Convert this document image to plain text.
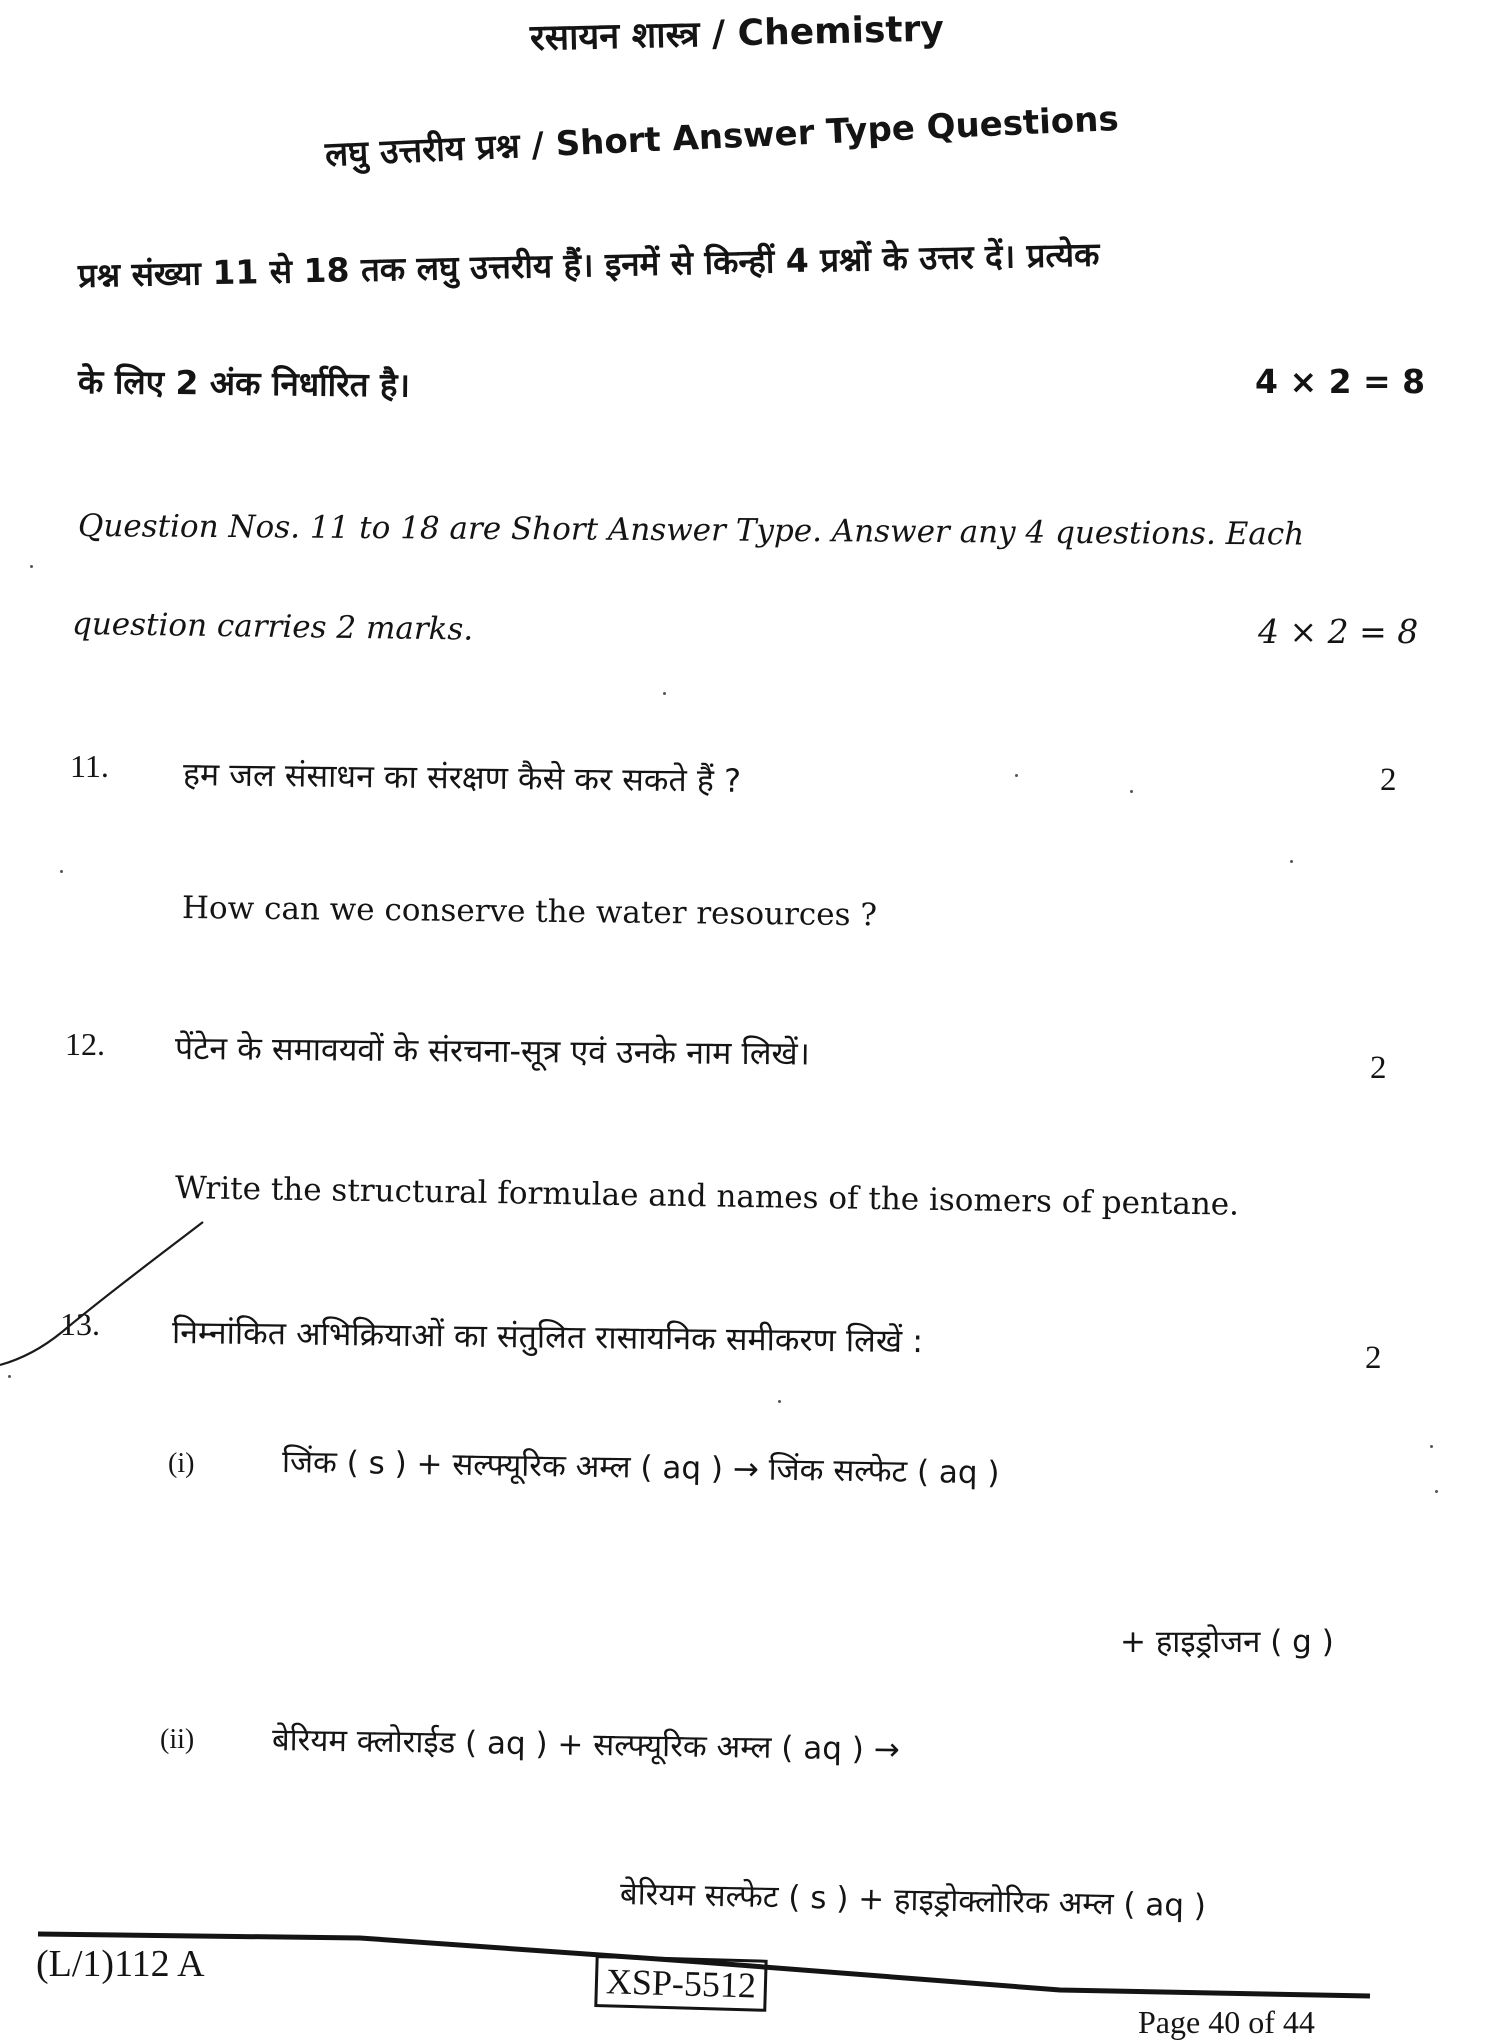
रसायन शास्त्र / Chemistry
लघु उत्तरीय प्रश्न / Short Answer Type Questions
प्रश्न संख्या 11 से 18 तक लघु उत्तरीय हैं। इनमें से किन्हीं 4 प्रश्नों के उत्तर दें। प्रत्येक
के लिए 2 अंक निर्धारित है।	4 × 2 = 8
Question Nos. 11 to 18 are Short Answer Type. Answer any 4 questions. Each
question carries 2 marks.	4 × 2 = 8
11. हम जल संसाधन का संरक्षण कैसे कर सकते हैं ?	2
How can we conserve the water resources ?
12. पेंटेन के समावयवों के संरचना-सूत्र एवं उनके नाम लिखें।	2
Write the structural formulae and names of the isomers of pentane.
13. निम्नांकित अभिक्रियाओं का संतुलित रासायनिक समीकरण लिखें :	2
(i)	जिंक ( s ) + सल्फ्यूरिक अम्ल ( aq ) → जिंक सल्फेट ( aq )
+ हाइड्रोजन ( g )
(ii) बेरियम क्लोराईड ( aq ) + सल्फ्यूरिक अम्ल ( aq ) →
बेरियम सल्फेट ( s ) + हाइड्रोक्लोरिक अम्ल ( aq )
(L/1)112 A	XSP-5512
Page 40 of 44
